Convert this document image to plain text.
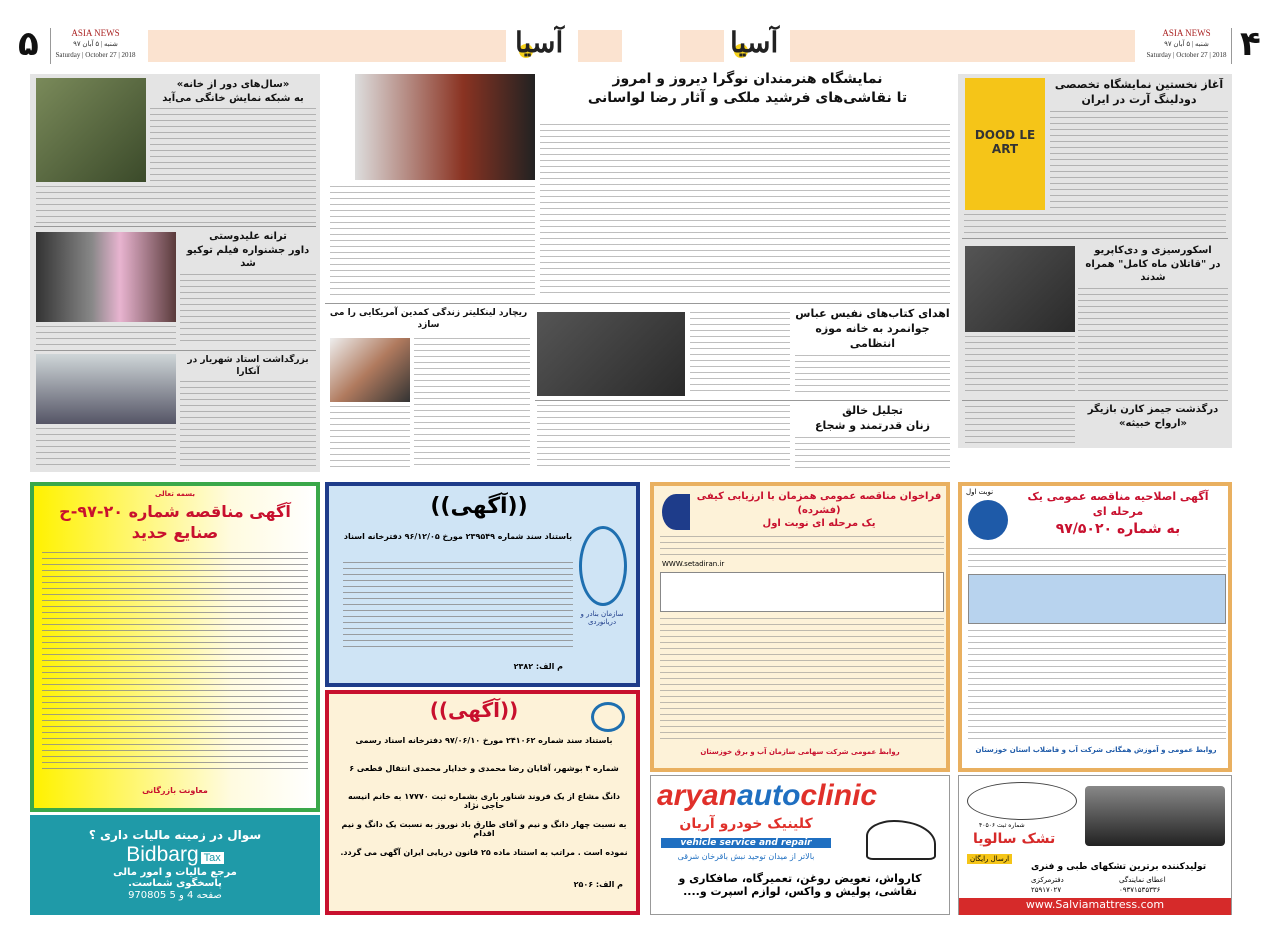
۵	۴
ASIA NEWS
شنبه | ۵ آبان ۹۷
Saturday | October 27 | 2018
ASIA NEWS
شنبه | ۵ آبان ۹۷
Saturday | October 27 | 2018
آسیا	آسیا
DOOD LE ART
آغاز نخستین نمایشگاه تخصصی
دودلینگ آرت در ایران
اسکورسیزی و دی‌کاپریو
در "قاتلان ماه کامل" همراه شدند
درگذشت جیمز کارن بازیگر
«ارواح خبیثه»
نمایشگاه هنرمندان نوگرا دیروز و امروز
تا نقاشی‌های فرشید ملکی و آثار رضا لواسانی
اهدای کتاب‌های نفیس عباس
جوانمرد به خانه موزه انتظامی
تجلیل خالق
زنان قدرتمند و شجاع
ریچارد لینکلیتر زندگی کمدین آمریکایی را می سازد
«سال‌های دور از خانه»
به شبکه نمایش خانگی می‌آید
ترانه علیدوستی
داور جشنواره فیلم توکیو شد
بزرگداشت استاد شهریار در آنکارا
نوبت اول	آگهی اصلاحیه مناقصه عمومی یک مرحله ای
به شماره ۹۷/۵۰۲۰
روابط عمومی و آموزش همگانی شرکت آب و فاضلاب استان خوزستان
فراخوان مناقصه عمومی همزمان با ارزیابی کیفی (فشرده)
یک مرحله ای نوبت اول
WWW.setadiran.ir
روابط عمومی شرکت سهامی سازمان آب و برق خوزستان
((آگهی))
باستناد سند شماره ۲۳۹۵۴۹ مورخ ۹۶/۱۲/۰۵ دفترخانه اسناد
سازمان بنادر و دریانوردی
م الف: ۲۳۸۲
((آگهی))
باستناد سند شماره ۲۴۱۰۶۲ مورخ ۹۷/۰۶/۱۰ دفترخانه اسناد رسمی
شماره ۴ بوشهر، آقایان رضا محمدی و خدایار محمدی انتقال قطعی ۶
دانگ مشاع از یک فروند شناور باری بشماره ثبت ۱۷۷۷۰ به خانم انیسه حاجی نژاد
به نسبت چهار دانگ و نیم و آقای طارق باد نوروز به نسبت یک دانگ و نیم اقدام
نموده است . مراتب به استناد ماده ۲۵ قانون دریایی ایران آگهی می گردد.
م الف: ۲۵۰۶
بسمه تعالی
آگهی مناقصه شماره ۲۰-۹۷-ح
صنایع حدید
معاونت بازرگانی
سوال در زمینه مالیات داری ؟
Bidbarg Tax
مرجع مالیات و امور مالی
پاسخگوی شماست.
صفحه 4 و 5 970805
aryanautoclinic
کلینیک خودرو آریان
vehicle service and repair
بالاتر از میدان توحید نبش باقرخان شرقی
کارواش، تعویض روغن، تعمیرگاه، صافکاری و
نقاشی، پولیش و واکس، لوازم اسپرت و....
شماره ثبت ۴۰۵۰۶
تشک سالویا
ارسال رایگان
تولیدکننده برترین تشکهای طبی و فنری
اعطای نمایندگی
۰۹۳۷۱۵۳۵۳۳۶
دفترمرکزی
۲۵۹۱۷۰۲۷
www.Salviamattress.com
